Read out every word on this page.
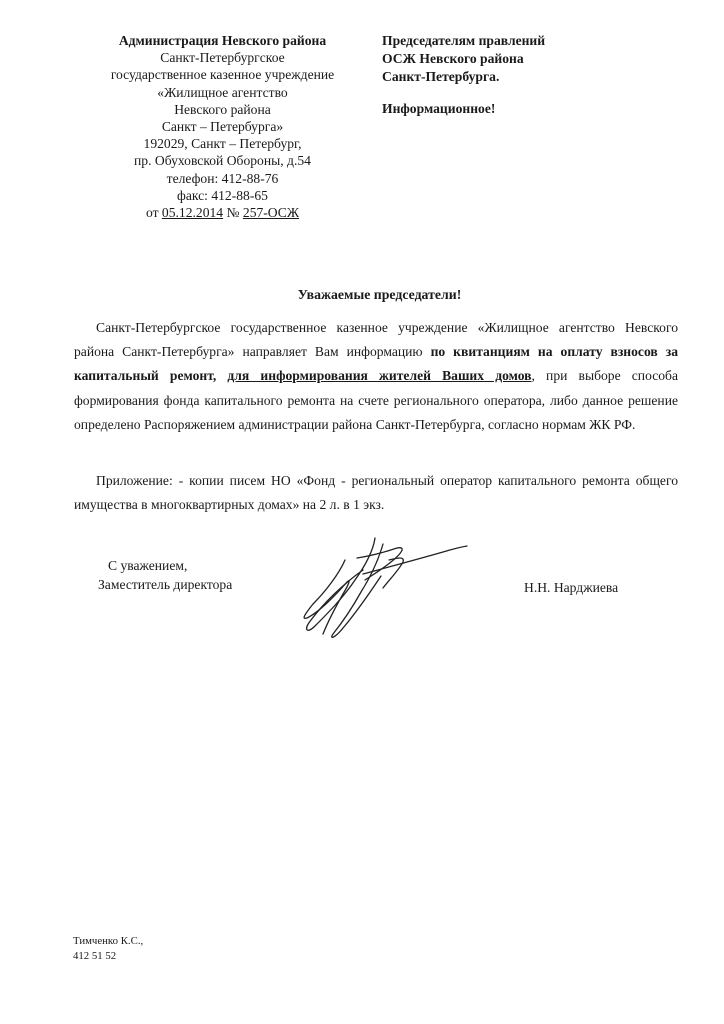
Администрация Невского района
Санкт-Петербургское
государственное казенное учреждение
«Жилищное агентство
Невского района
Санкт – Петербурга»
192029, Санкт – Петербург,
пр. Обуховской Обороны, д.54
телефон: 412-88-76
факс: 412-88-65
от 05.12.2014 № 257-ОСЖ
Председателям правлений
ОСЖ Невского района
Санкт-Петербурга.
Информационное!
Уважаемые председатели!
Санкт-Петербургское государственное казенное учреждение «Жилищное агентство Невского района Санкт-Петербурга» направляет Вам информацию по квитанциям на оплату взносов за капитальный ремонт, для информирования жителей Ваших домов, при выборе способа формирования фонда капитального ремонта на счете регионального оператора, либо данное решение определено Распоряжением администрации района Санкт-Петербурга, согласно нормам ЖК РФ.
Приложение: - копии писем НО «Фонд - региональный оператор капитального ремонта общего имущества в многоквартирных домах» на 2 л. в 1 экз.
С уважением,
Заместитель директора	Н.Н. Нарджиева
Тимченко К.С.,
412 51 52
